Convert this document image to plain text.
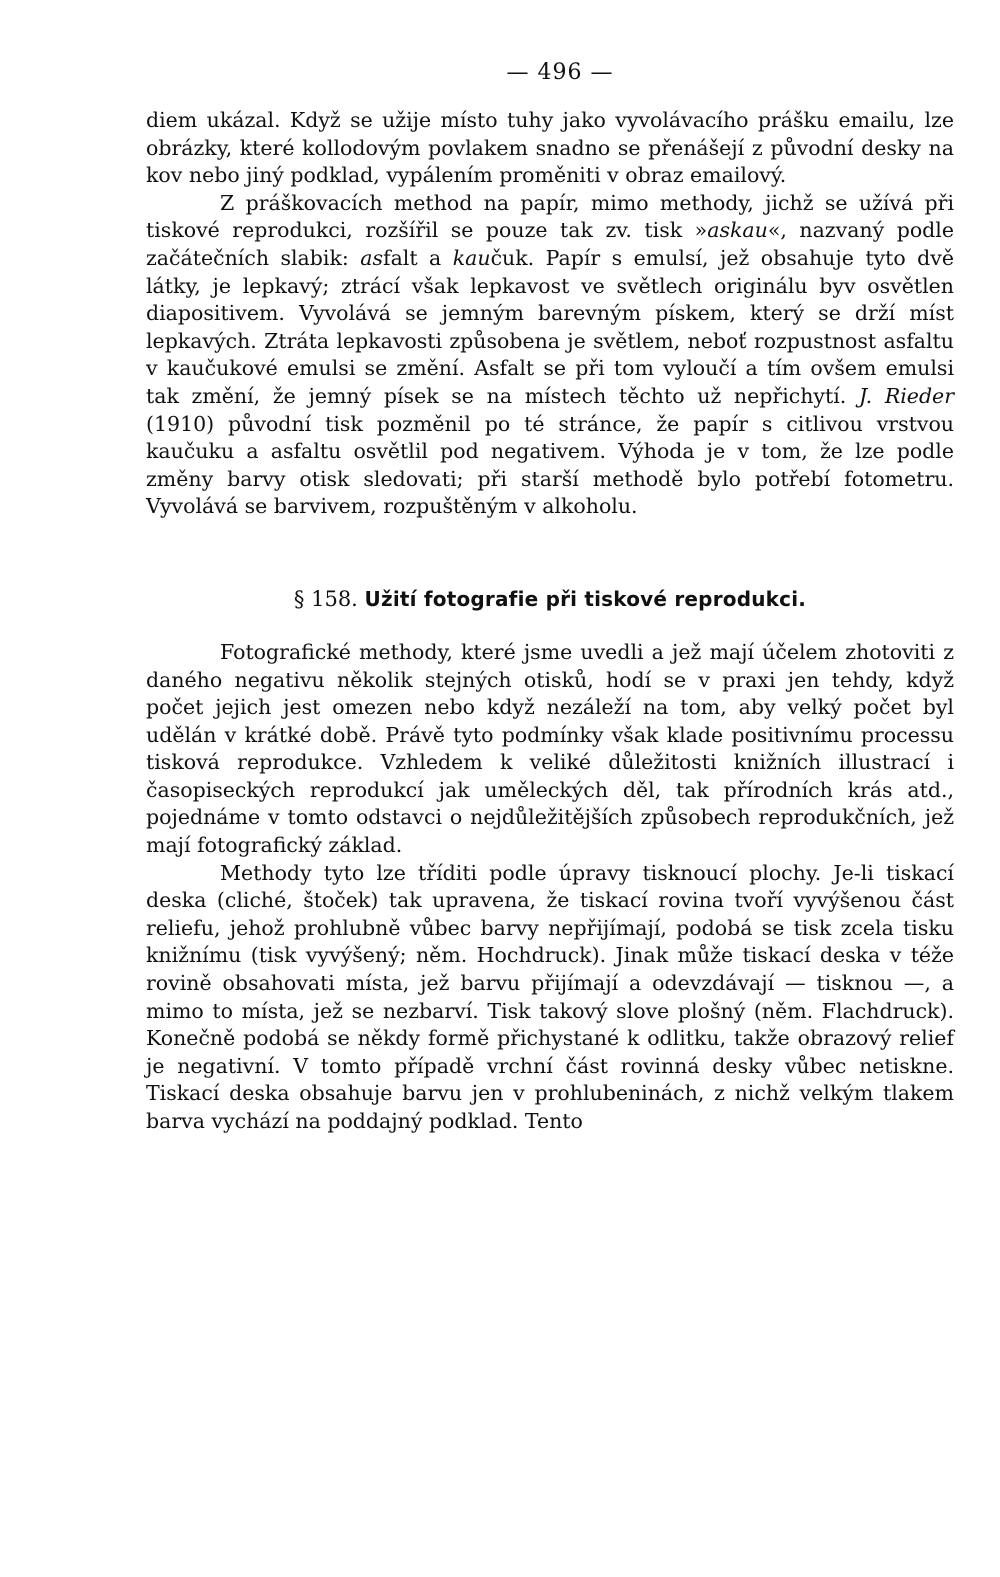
— 496 —

diem ukázal. Když se užije místo tuhy jako vyvolávacího prášku emailu, lze obrázky, které kollodovým povlakem snadno se přenášejí z původní desky na kov nebo jiný podklad, vypálením proměniti v obraz emailový.

Z práškovacích method na papír, mimo methody, jichž se užívá při tiskové reprodukci, rozšířil se pouze tak zv. tisk »askau«, nazvaný podle začátečních slabik: asfalt a kaučuk. Papír s emulsí, jež obsahuje tyto dvě látky, je lepkavý; ztrácí však lepkavost ve světlech originálu byv osvětlen diapositivem. Vyvolává se jemným barevným pískem, který se drží míst lepkavých. Ztráta lepkavosti způsobena je světlem, neboť rozpustnost asfaltu v kaučukové emulsi se změní. Asfalt se při tom vyloučí a tím ovšem emulsi tak změní, že jemný písek se na místech těchto už nepřichytí. J. Rieder (1910) původní tisk pozměnil po té stránce, že papír s citlivou vrstvou kaučuku a asfaltu osvětlil pod negativem. Výhoda je v tom, že lze podle změny barvy otisk sledovati; při starší methodě bylo potřebí fotometru. Vyvolává se barvivem, rozpuštěným v alkoholu.

§ 158. Užití fotografie při tiskové reprodukci.

Fotografické methody, které jsme uvedli a jež mají účelem zhotoviti z daného negativu několik stejných otisků, hodí se v praxi jen tehdy, když počet jejich jest omezen nebo když nezáleží na tom, aby velký počet byl udělán v krátké době. Právě tyto podmínky však klade positivnímu processu tisková reprodukce. Vzhledem k veliké důležitosti knižních illustrací i časopiseckých reprodukcí jak uměleckých děl, tak přírodních krás atd., pojednáme v tomto odstavci o nejdůležitějších způsobech reprodukčních, jež mají fotografický základ.

Methody tyto lze tříditi podle úpravy tisknoucí plochy. Je-li tiskací deska (cliché, štoček) tak upravena, že tiskací rovina tvoří vyvýšenou část reliefu, jehož prohlubně vůbec barvy nepřijímají, podobá se tisk zcela tisku knižnímu (tisk vyvýšený; něm. Hochdruck). Jinak může tiskací deska v téže rovině obsahovati místa, jež barvu přijímají a odevzdávají — tisknou —, a mimo to místa, jež se nezbarví. Tisk takový slove plošný (něm. Flachdruck). Konečně podobá se někdy formě přichystané k odlitku, takže obrazový relief je negativní. V tomto případě vrchní část rovinná desky vůbec netiskne. Tiskací deska obsahuje barvu jen v prohlubeninách, z nichž velkým tlakem barva vychází na poddajný podklad. Tento
